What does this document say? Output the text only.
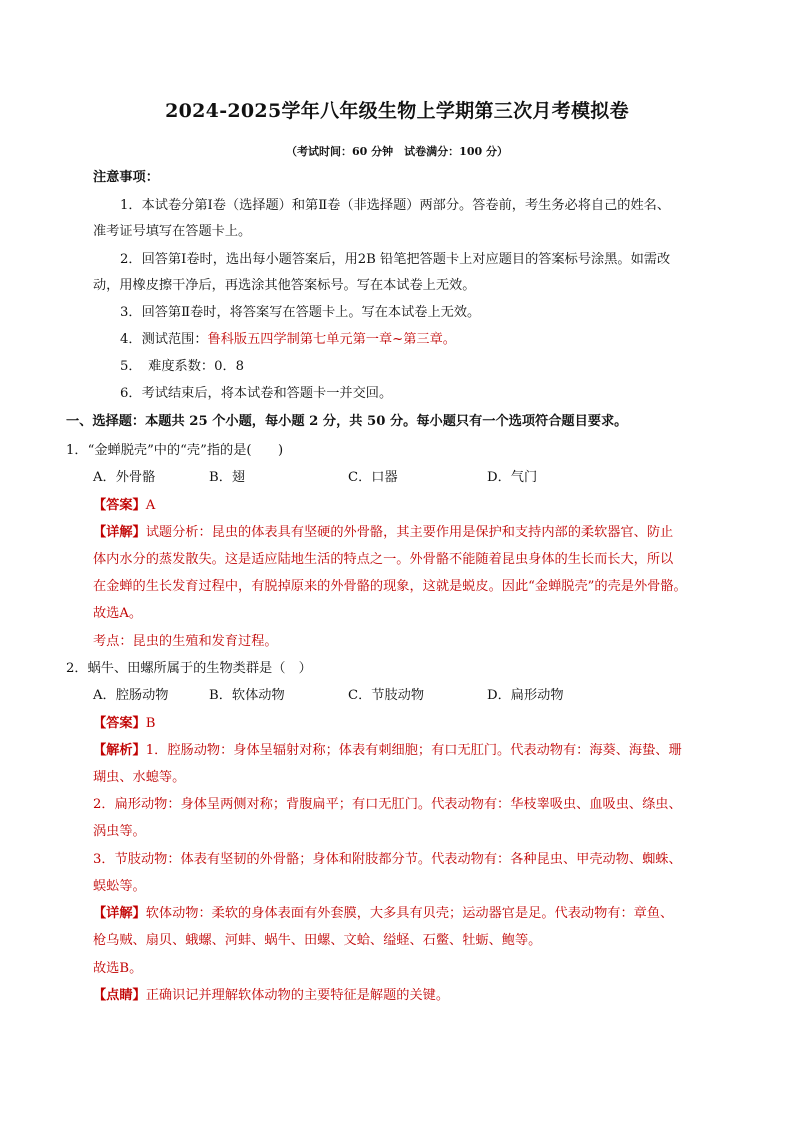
2024-2025学年八年级生物上学期第三次月考模拟卷
（考试时间：60 分钟　试卷满分：100 分）
注意事项：
1．本试卷分第Ⅰ卷（选择题）和第Ⅱ卷（非选择题）两部分。答卷前，考生务必将自己的姓名、
准考证号填写在答题卡上。
2．回答第Ⅰ卷时，选出每小题答案后，用2B 铅笔把答题卡上对应题目的答案标号涂黑。如需改
动，用橡皮擦干净后，再选涂其他答案标号。写在本试卷上无效。
3．回答第Ⅱ卷时，将答案写在答题卡上。写在本试卷上无效。
4．测试范围：鲁科版五四学制第七单元第一章~第三章。
5．　难度系数：0．8
6．考试结束后，将本试卷和答题卡一并交回。
一、选择题：本题共 25 个小题，每小题 2 分，共 50 分。每小题只有一个选项符合题目要求。
1．“金蝉脱壳”中的“壳”指的是(　　)
A．外骨骼	B．翅	C．口器	D．气门
【答案】A
【详解】试题分析：昆虫的体表具有坚硬的外骨骼，其主要作用是保护和支持内部的柔软器官、防止
体内水分的蒸发散失。这是适应陆地生活的特点之一。外骨骼不能随着昆虫身体的生长而长大，所以
在金蝉的生长发育过程中，有脱掉原来的外骨骼的现象，这就是蜕皮。因此“金蝉脱壳”的壳是外骨骼。
故选A。
考点：昆虫的生殖和发育过程。
2．蜗牛、田螺所属于的生物类群是（　）
A．腔肠动物	B．软体动物	C．节肢动物	D．扁形动物
【答案】B
【解析】1．腔肠动物：身体呈辐射对称；体表有刺细胞；有口无肛门。代表动物有：海葵、海蛰、珊
瑚虫、水螅等。
2．扁形动物：身体呈两侧对称；背腹扁平；有口无肛门。代表动物有：华枝睾吸虫、血吸虫、绦虫、
涡虫等。
3．节肢动物：体表有坚韧的外骨骼；身体和附肢都分节。代表动物有：各种昆虫、甲壳动物、蜘蛛、
蜈蚣等。
【详解】软体动物：柔软的身体表面有外套膜，大多具有贝壳；运动器官是足。代表动物有：章鱼、
枪乌贼、扇贝、蛾螺、河蚌、蜗牛、田螺、文蛤、缢蛏、石鳖、牡蛎、鲍等。
故选B。
【点睛】正确识记并理解软体动物的主要特征是解题的关键。
